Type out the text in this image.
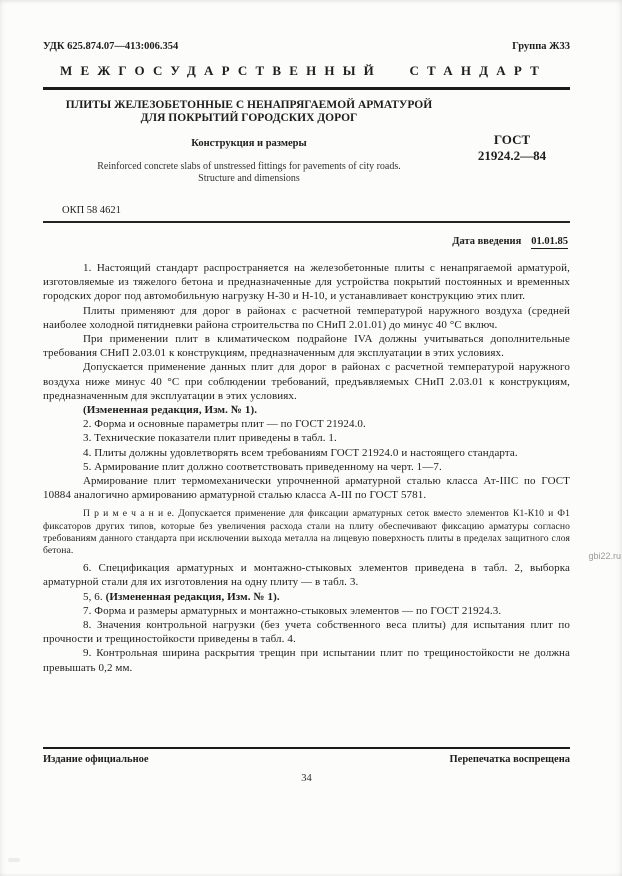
УДК 625.874.07—413:006.354	Группа Ж33
МЕЖГОСУДАРСТВЕННЫЙ СТАНДАРТ
ПЛИТЫ ЖЕЛЕЗОБЕТОННЫЕ С НЕНАПРЯГАЕМОЙ АРМАТУРОЙ
ДЛЯ ПОКРЫТИЙ ГОРОДСКИХ ДОРОГ
Конструкция и размеры	ГОСТ
21924.2—84
Reinforced concrete slabs of unstressed fittings for pavements of city roads.
Structure and dimensions
ОКП 58 4621
Дата введения 01.01.85

1. Настоящий стандарт распространяется на железобетонные плиты с ненапрягаемой арматурой, изготовляемые из тяжелого бетона и предназначенные для устройства покрытий постоянных и временных городских дорог под автомобильную нагрузку Н-30 и Н-10, и устанавливает конструкцию этих плит.

Плиты применяют для дорог в районах с расчетной температурой наружного воздуха (средней наиболее холодной пятидневки района строительства по СНиП 2.01.01) до минус 40 °С включ.

При применении плит в климатическом подрайоне IVA должны учитываться дополнительные требования СНиП 2.03.01 к конструкциям, предназначенным для эксплуатации в этих условиях.

Допускается применение данных плит для дорог в районах с расчетной температурой наружного воздуха ниже минус 40 °С при соблюдении требований, предъявляемых СНиП 2.03.01 к конструкциям, предназначенным для эксплуатации в этих условиях.

(Измененная редакция, Изм. № 1).

2. Форма и основные параметры плит — по ГОСТ 21924.0.

3. Технические показатели плит приведены в табл. 1.

4. Плиты должны удовлетворять всем требованиям ГОСТ 21924.0 и настоящего стандарта.

5. Армирование плит должно соответствовать приведенному на черт. 1—7.

Армирование плит термомеханически упрочненной арматурной сталью класса Ат-IIIC по ГОСТ 10884 аналогично армированию арматурной сталью класса А-III по ГОСТ 5781.

П р и м е ч а н и е. Допускается применение для фиксации арматурных сеток вместо элементов К1-К10 и Ф1 фиксаторов других типов, которые без увеличения расхода стали на плиту обеспечивают фиксацию арматуры согласно требованиям данного стандарта при исключении выхода металла на лицевую поверхность плиты в пределах защитного слоя бетона.

6. Спецификация арматурных и монтажно-стыковых элементов приведена в табл. 2, выборка арматурной стали для их изготовления на одну плиту — в табл. 3.

5, 6. (Измененная редакция, Изм. № 1).

7. Форма и размеры арматурных и монтажно-стыковых элементов — по ГОСТ 21924.3.

8. Значения контрольной нагрузки (без учета собственного веса плиты) для испытания плит по прочности и трещиностойкости приведены в табл. 4.

9. Контрольная ширина раскрытия трещин при испытании плит по трещиностойкости не должна превышать 0,2 мм.

Издание официальное	Перепечатка воспрещена
34
gbi22.ru
